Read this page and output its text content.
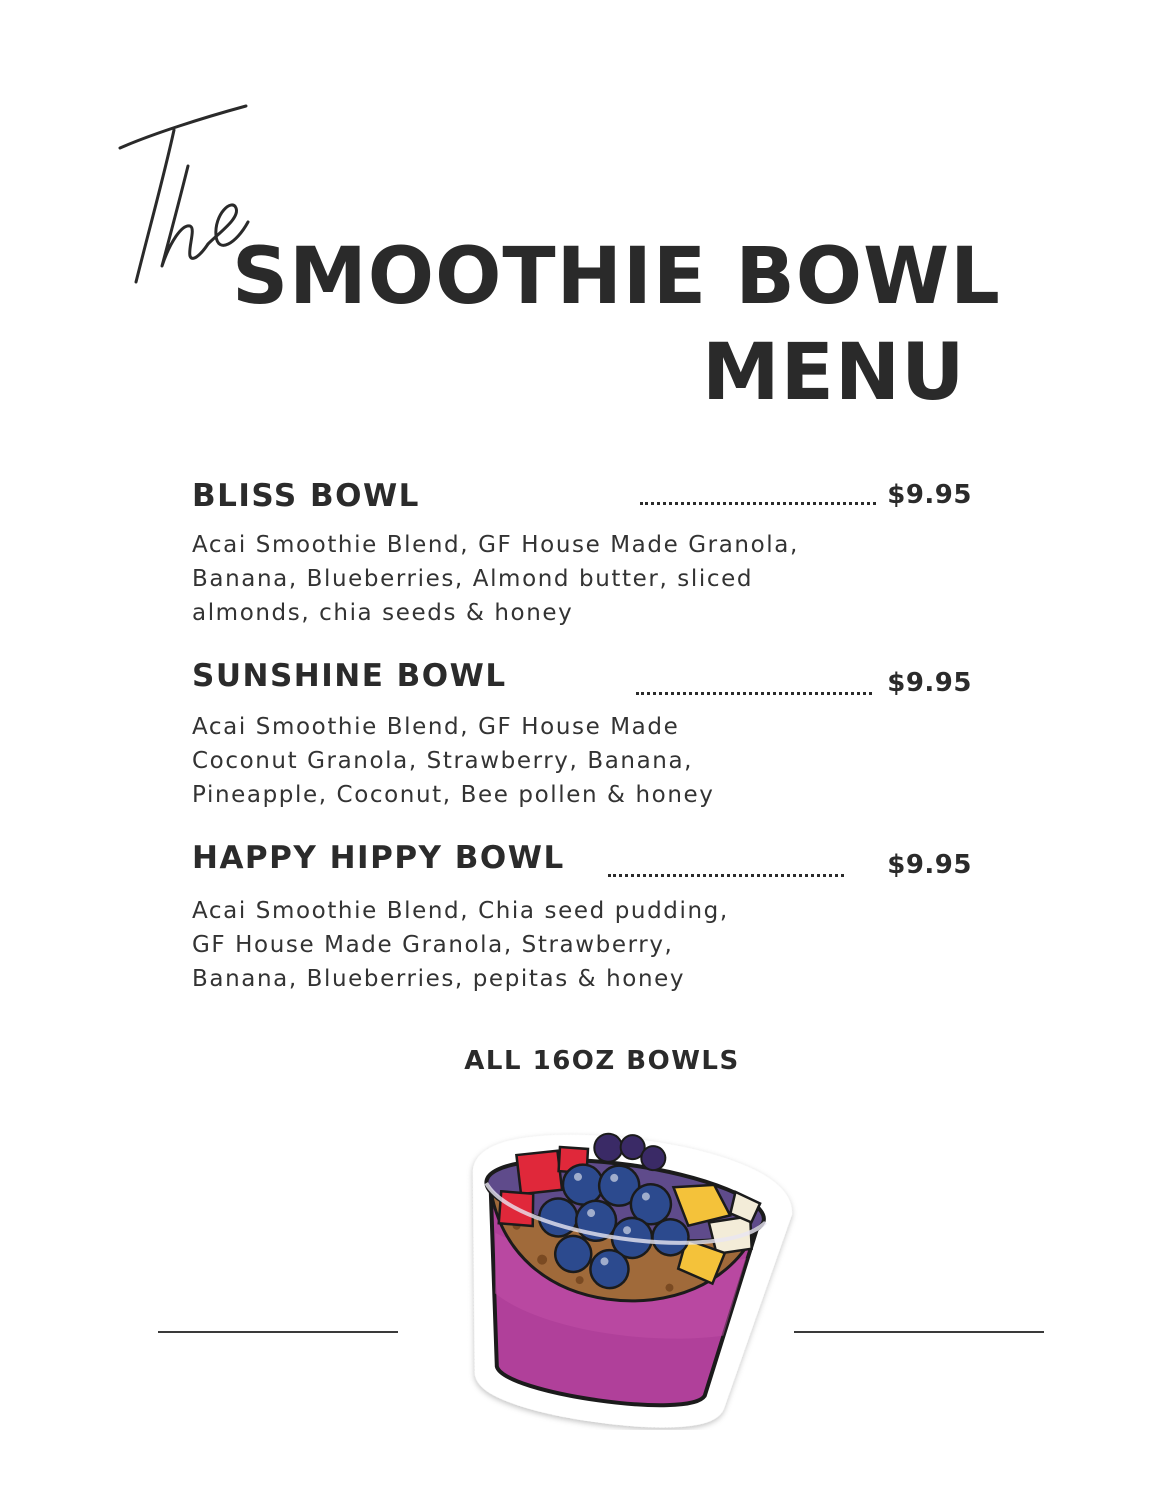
SMOOTHIE BOWL
MENU
BLISS BOWL	$9.95
Acai Smoothie Blend, GF House Made Granola,
Banana, Blueberries, Almond butter, sliced
almonds, chia seeds & honey
SUNSHINE BOWL	$9.95
Acai Smoothie Blend, GF House Made
Coconut Granola, Strawberry, Banana,
Pineapple, Coconut, Bee pollen & honey
HAPPY HIPPY BOWL	$9.95
Acai Smoothie Blend, Chia seed pudding,
GF House Made Granola, Strawberry,
Banana, Blueberries, pepitas & honey
ALL 16OZ BOWLS
